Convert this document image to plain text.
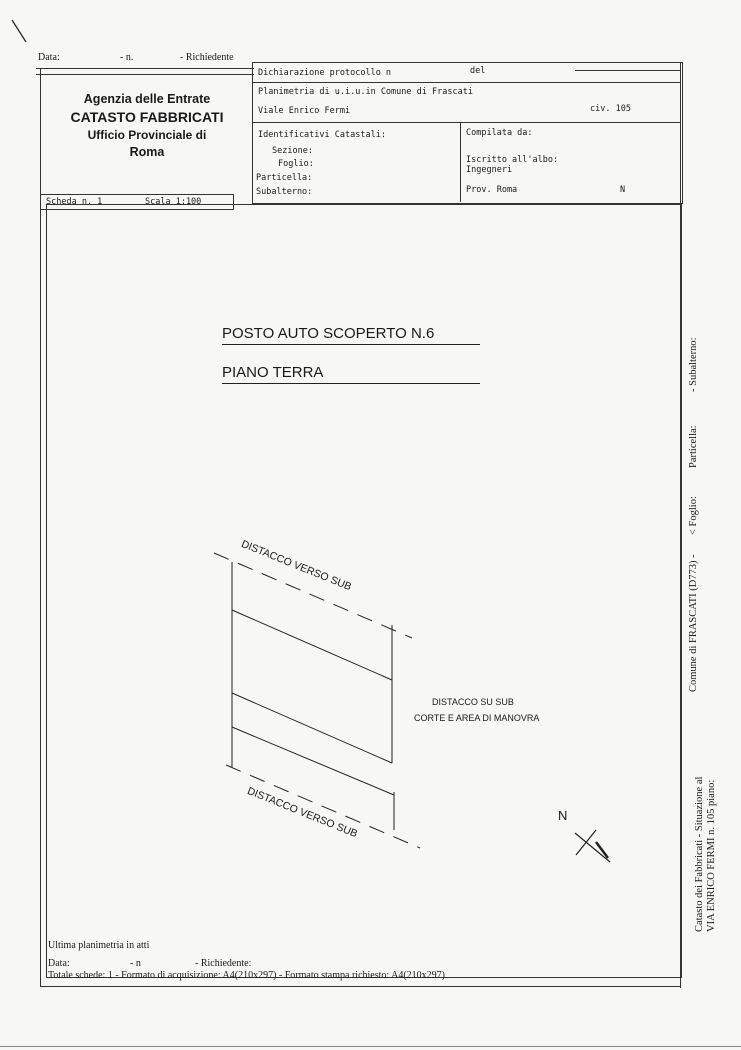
Data:	- n.	- Richiedente
Agenzia delle Entrate
CATASTO FABBRICATI
Ufficio Provinciale di
Roma
Dichiarazione protocollo n	del
Planimetria di u.i.u.in Comune di Frascati
Viale Enrico Fermi	civ. 105
Identificativi Catastali:
Sezione:
Foglio:
Particella:
Subalterno:
Compilata da:
Iscritto all'albo:
Ingegneri
Prov. Roma	N
Scheda n. 1	Scala 1:100
POSTO AUTO SCOPERTO N.6
PIANO TERRA
DISTACCO VERSO SUB
DISTACCO SU SUB
CORTE E AREA DI MANOVRA
DISTACCO VERSO SUB	N
- Subalterno:
Particella:
< Foglio:
Comune di FRASCATI (D773) -
Catasto dei Fabbricati - Situazione al VIA ENRICO FERMI n. 105 piano:
Ultima planimetria in atti
Data:	- n	- Richiedente:
Totale schede: 1 - Formato di acquisizione: A4(210x297) - Formato stampa richiesto: A4(210x297)
